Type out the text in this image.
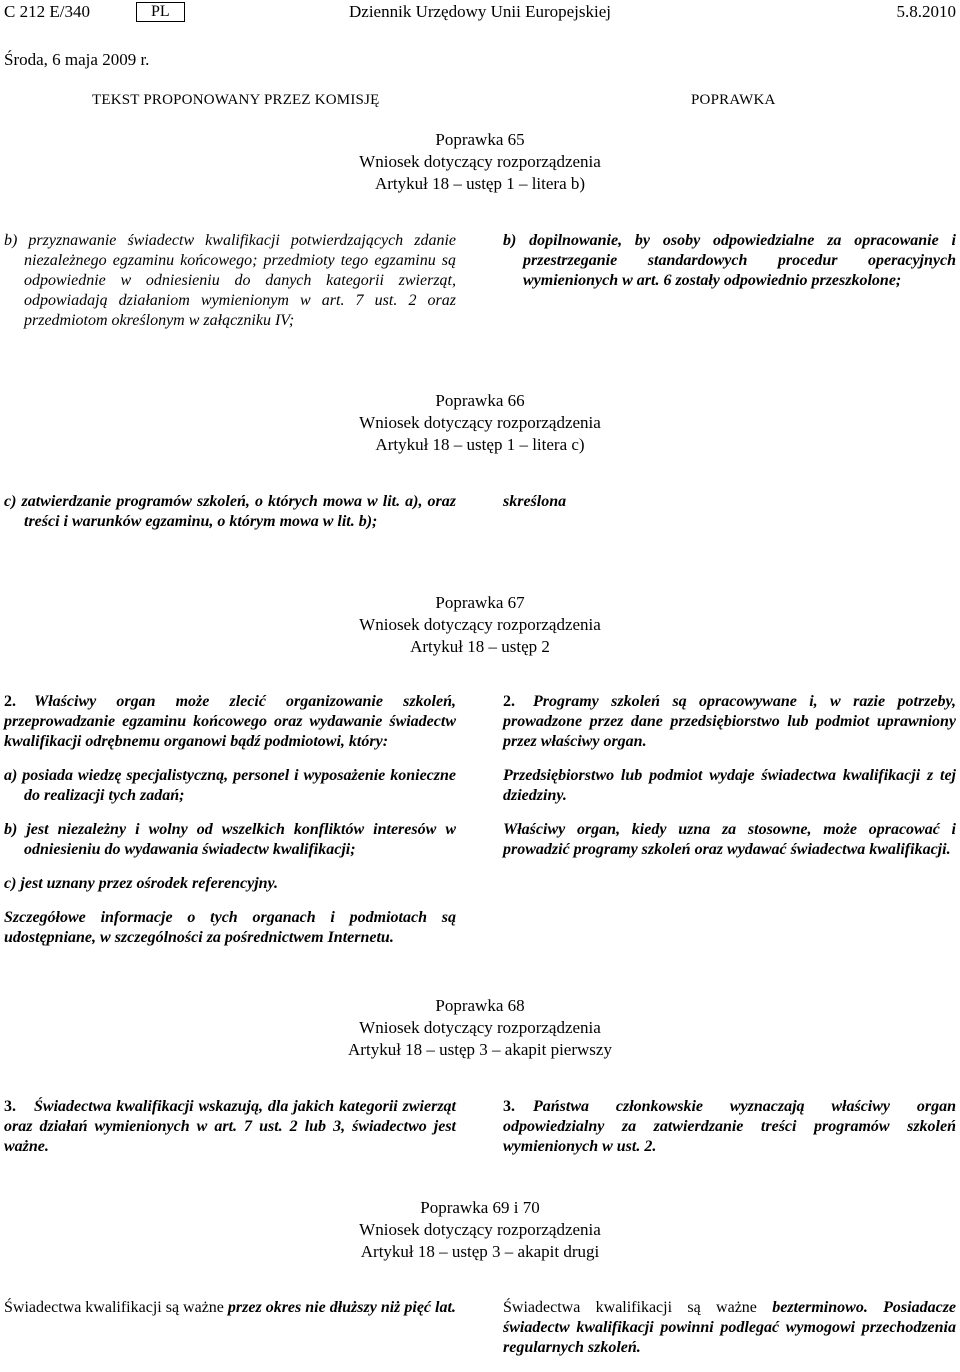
C 212 E/340	PL	Dziennik Urzędowy Unii Europejskiej	5.8.2010
Środa, 6 maja 2009 r.
TEKST PROPONOWANY PRZEZ KOMISJĘ	POPRAWKA
Poprawka 65
Wniosek dotyczący rozporządzenia
Artykuł 18 – ustęp 1 – litera b)

b) przyznawanie świadectw kwalifikacji potwierdzających zdanie niezależnego egzaminu końcowego; przedmioty tego egzaminu są odpowiednie w odniesieniu do danych kategorii zwierząt, odpowiadają działaniom wymienionym w art. 7 ust. 2 oraz przedmiotom określonym w załączniku IV;

b) dopilnowanie, by osoby odpowiedzialne za opracowanie i przestrzeganie standardowych procedur operacyjnych wymienionych w art. 6 zostały odpowiednio przeszkolone;

Poprawka 66
Wniosek dotyczący rozporządzenia
Artykuł 18 – ustęp 1 – litera c)

c) zatwierdzanie programów szkoleń, o których mowa w lit. a), oraz treści i warunków egzaminu, o którym mowa w lit. b);

skreślona

Poprawka 67
Wniosek dotyczący rozporządzenia
Artykuł 18 – ustęp 2

2. Właściwy organ może zlecić organizowanie szkoleń, przeprowadzanie egzaminu końcowego oraz wydawanie świadectw kwalifikacji odrębnemu organowi bądź podmiotowi, który:

a) posiada wiedzę specjalistyczną, personel i wyposażenie konieczne do realizacji tych zadań;

b) jest niezależny i wolny od wszelkich konfliktów interesów w odniesieniu do wydawania świadectw kwalifikacji;

c) jest uznany przez ośrodek referencyjny.

Szczegółowe informacje o tych organach i podmiotach są udostępniane, w szczególności za pośrednictwem Internetu.

2. Programy szkoleń są opracowywane i, w razie potrzeby, prowadzone przez dane przedsiębiorstwo lub podmiot uprawniony przez właściwy organ.

Przedsiębiorstwo lub podmiot wydaje świadectwa kwalifikacji z tej dziedziny.

Właściwy organ, kiedy uzna za stosowne, może opracować i prowadzić programy szkoleń oraz wydawać świadectwa kwalifikacji.

Poprawka 68
Wniosek dotyczący rozporządzenia
Artykuł 18 – ustęp 3 – akapit pierwszy

3. Świadectwa kwalifikacji wskazują, dla jakich kategorii zwierząt oraz działań wymienionych w art. 7 ust. 2 lub 3, świadectwo jest ważne.

3. Państwa członkowskie wyznaczają właściwy organ odpowiedzialny za zatwierdzanie treści programów szkoleń wymienionych w ust. 2.

Poprawka 69 i 70
Wniosek dotyczący rozporządzenia
Artykuł 18 – ustęp 3 – akapit drugi

Świadectwa kwalifikacji są ważne przez okres nie dłuższy niż pięć lat.	Świadectwa kwalifikacji są ważne bezterminowo. Posiadacze świadectw kwalifikacji powinni podlegać wymogowi przechodzenia regularnych szkoleń.
